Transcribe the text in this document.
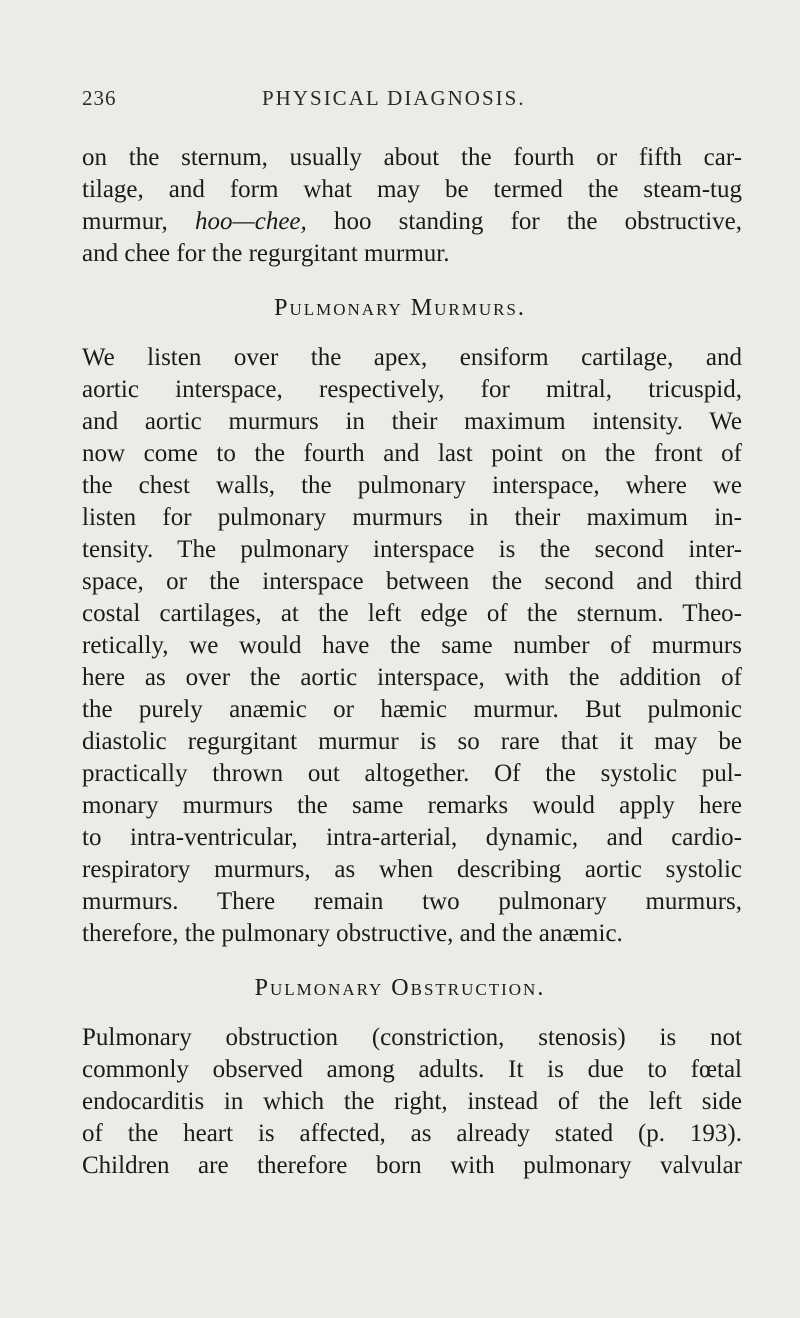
236	PHYSICAL DIAGNOSIS.
on the sternum, usually about the fourth or fifth car-
tilage, and form what may be termed the steam-tug
murmur, hoo—chee, hoo standing for the obstructive,
and chee for the regurgitant murmur.
Pulmonary Murmurs.
We listen over the apex, ensiform cartilage, and
aortic interspace, respectively, for mitral, tricuspid,
and aortic murmurs in their maximum intensity. We
now come to the fourth and last point on the front of
the chest walls, the pulmonary interspace, where we
listen for pulmonary murmurs in their maximum in-
tensity. The pulmonary interspace is the second inter-
space, or the interspace between the second and third
costal cartilages, at the left edge of the sternum. Theo-
retically, we would have the same number of murmurs
here as over the aortic interspace, with the addition of
the purely anæmic or hæmic murmur. But pulmonic
diastolic regurgitant murmur is so rare that it may be
practically thrown out altogether. Of the systolic pul-
monary murmurs the same remarks would apply here
to intra-ventricular, intra-arterial, dynamic, and cardio-
respiratory murmurs, as when describing aortic systolic
murmurs. There remain two pulmonary murmurs,
therefore, the pulmonary obstructive, and the anæmic.
Pulmonary Obstruction.
Pulmonary obstruction (constriction, stenosis) is not
commonly observed among adults. It is due to fœtal
endocarditis in which the right, instead of the left side
of the heart is affected, as already stated (p. 193).
Children are therefore born with pulmonary valvular
